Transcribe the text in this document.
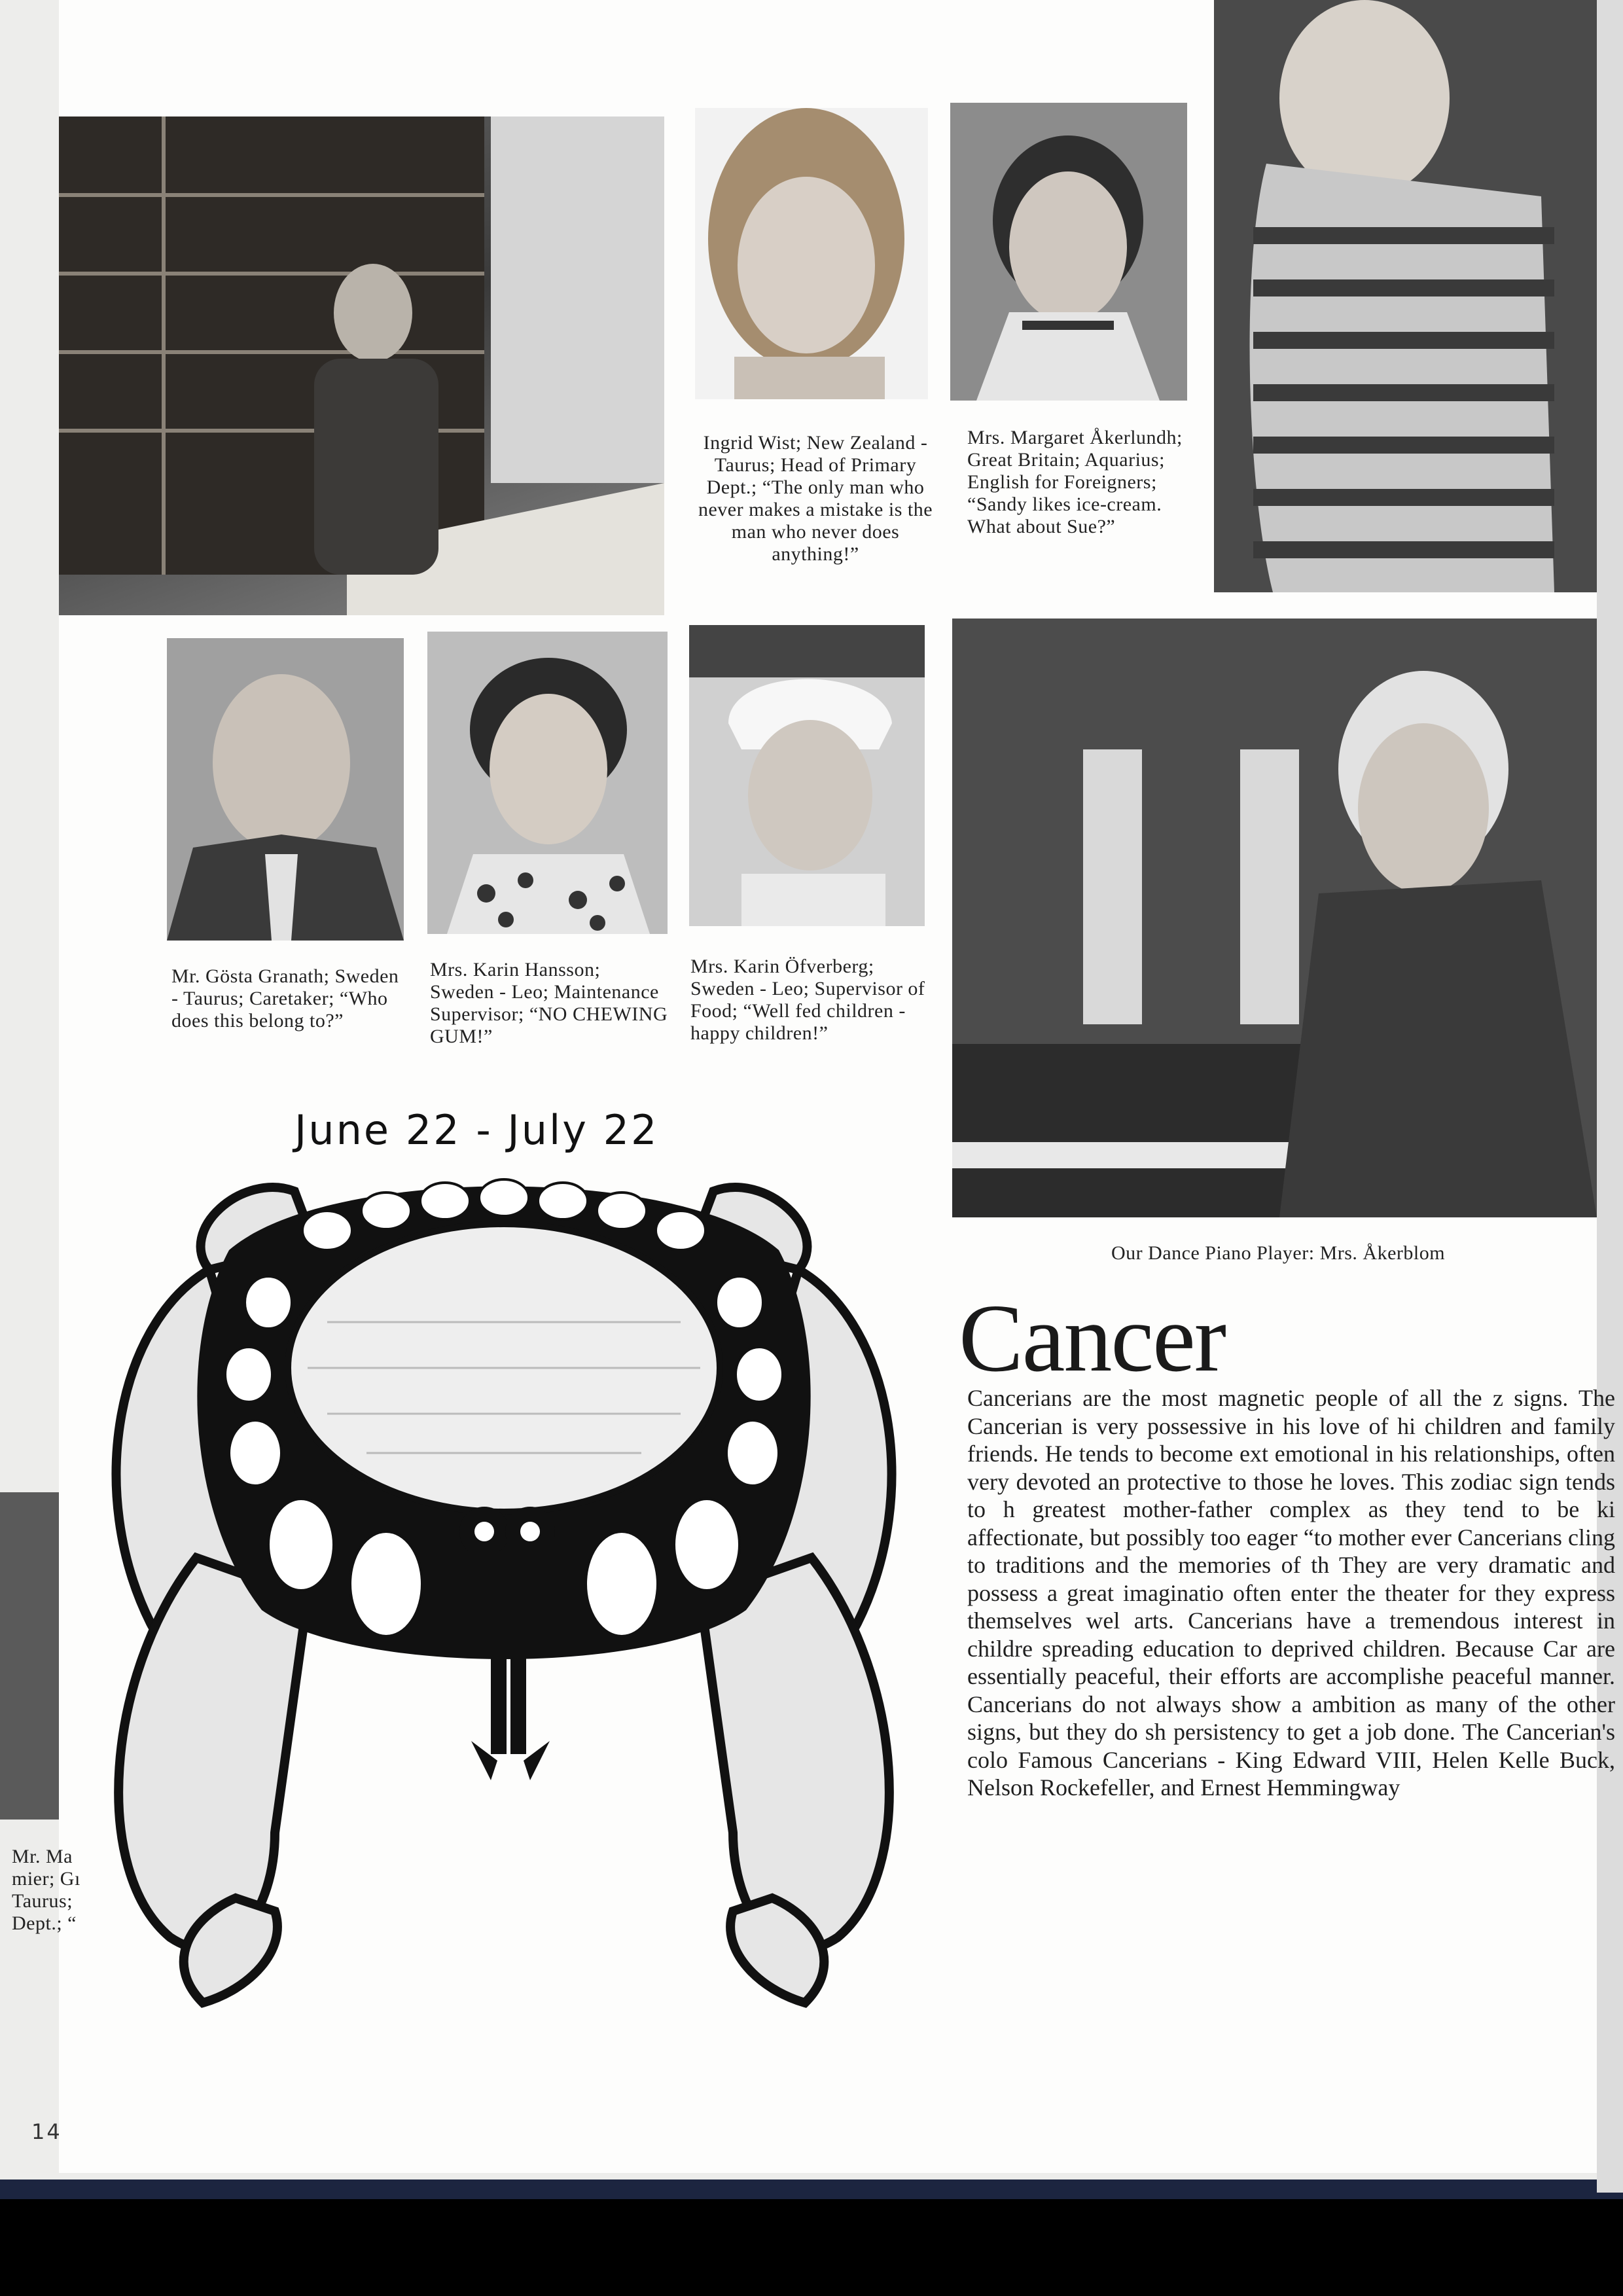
Ingrid Wist; New Zealand - Taurus; Head of Primary Dept.; “The only man who never makes a mistake is the man who never does anything!”

Mrs. Margaret Åkerlundh; Great Britain; Aquarius; English for Foreigners; “Sandy likes ice-cream. What about Sue?”

Mr. Gösta Granath; Sweden - Taurus; Caretaker; “Who does this belong to?”

Mrs. Karin Hansson; Sweden - Leo; Maintenance Supervisor; “NO CHEWING GUM!”

Mrs. Karin Öfverberg; Sweden - Leo; Supervisor of Food; “Well fed children - happy children!”

Our Dance Piano Player: Mrs. Åkerblom

Mr. Ma mier; Gı Taurus; Dept.; “

Cancer

Cancerians are the most magnetic people of all the z signs. The Cancerian is very possessive in his love of hi children and family friends. He tends to become ext emotional in his relationships, often very devoted an protective to those he loves. This zodiac sign tends to h greatest mother-father complex as they tend to be ki affectionate, but possibly too eager “to mother ever Cancerians cling to traditions and the memories of th They are very dramatic and possess a great imaginatio often enter the theater for they express themselves wel arts. Cancerians have a tremendous interest in childre spreading education to deprived children. Because Car are essentially peaceful, their efforts are accomplishe peaceful manner. Cancerians do not always show a ambition as many of the other signs, but they do sh persistency to get a job done. The Cancerian's colo Famous Cancerians - King Edward VIII, Helen Kelle Buck, Nelson Rockefeller, and Ernest Hemmingway

June 22 - July 22

14
